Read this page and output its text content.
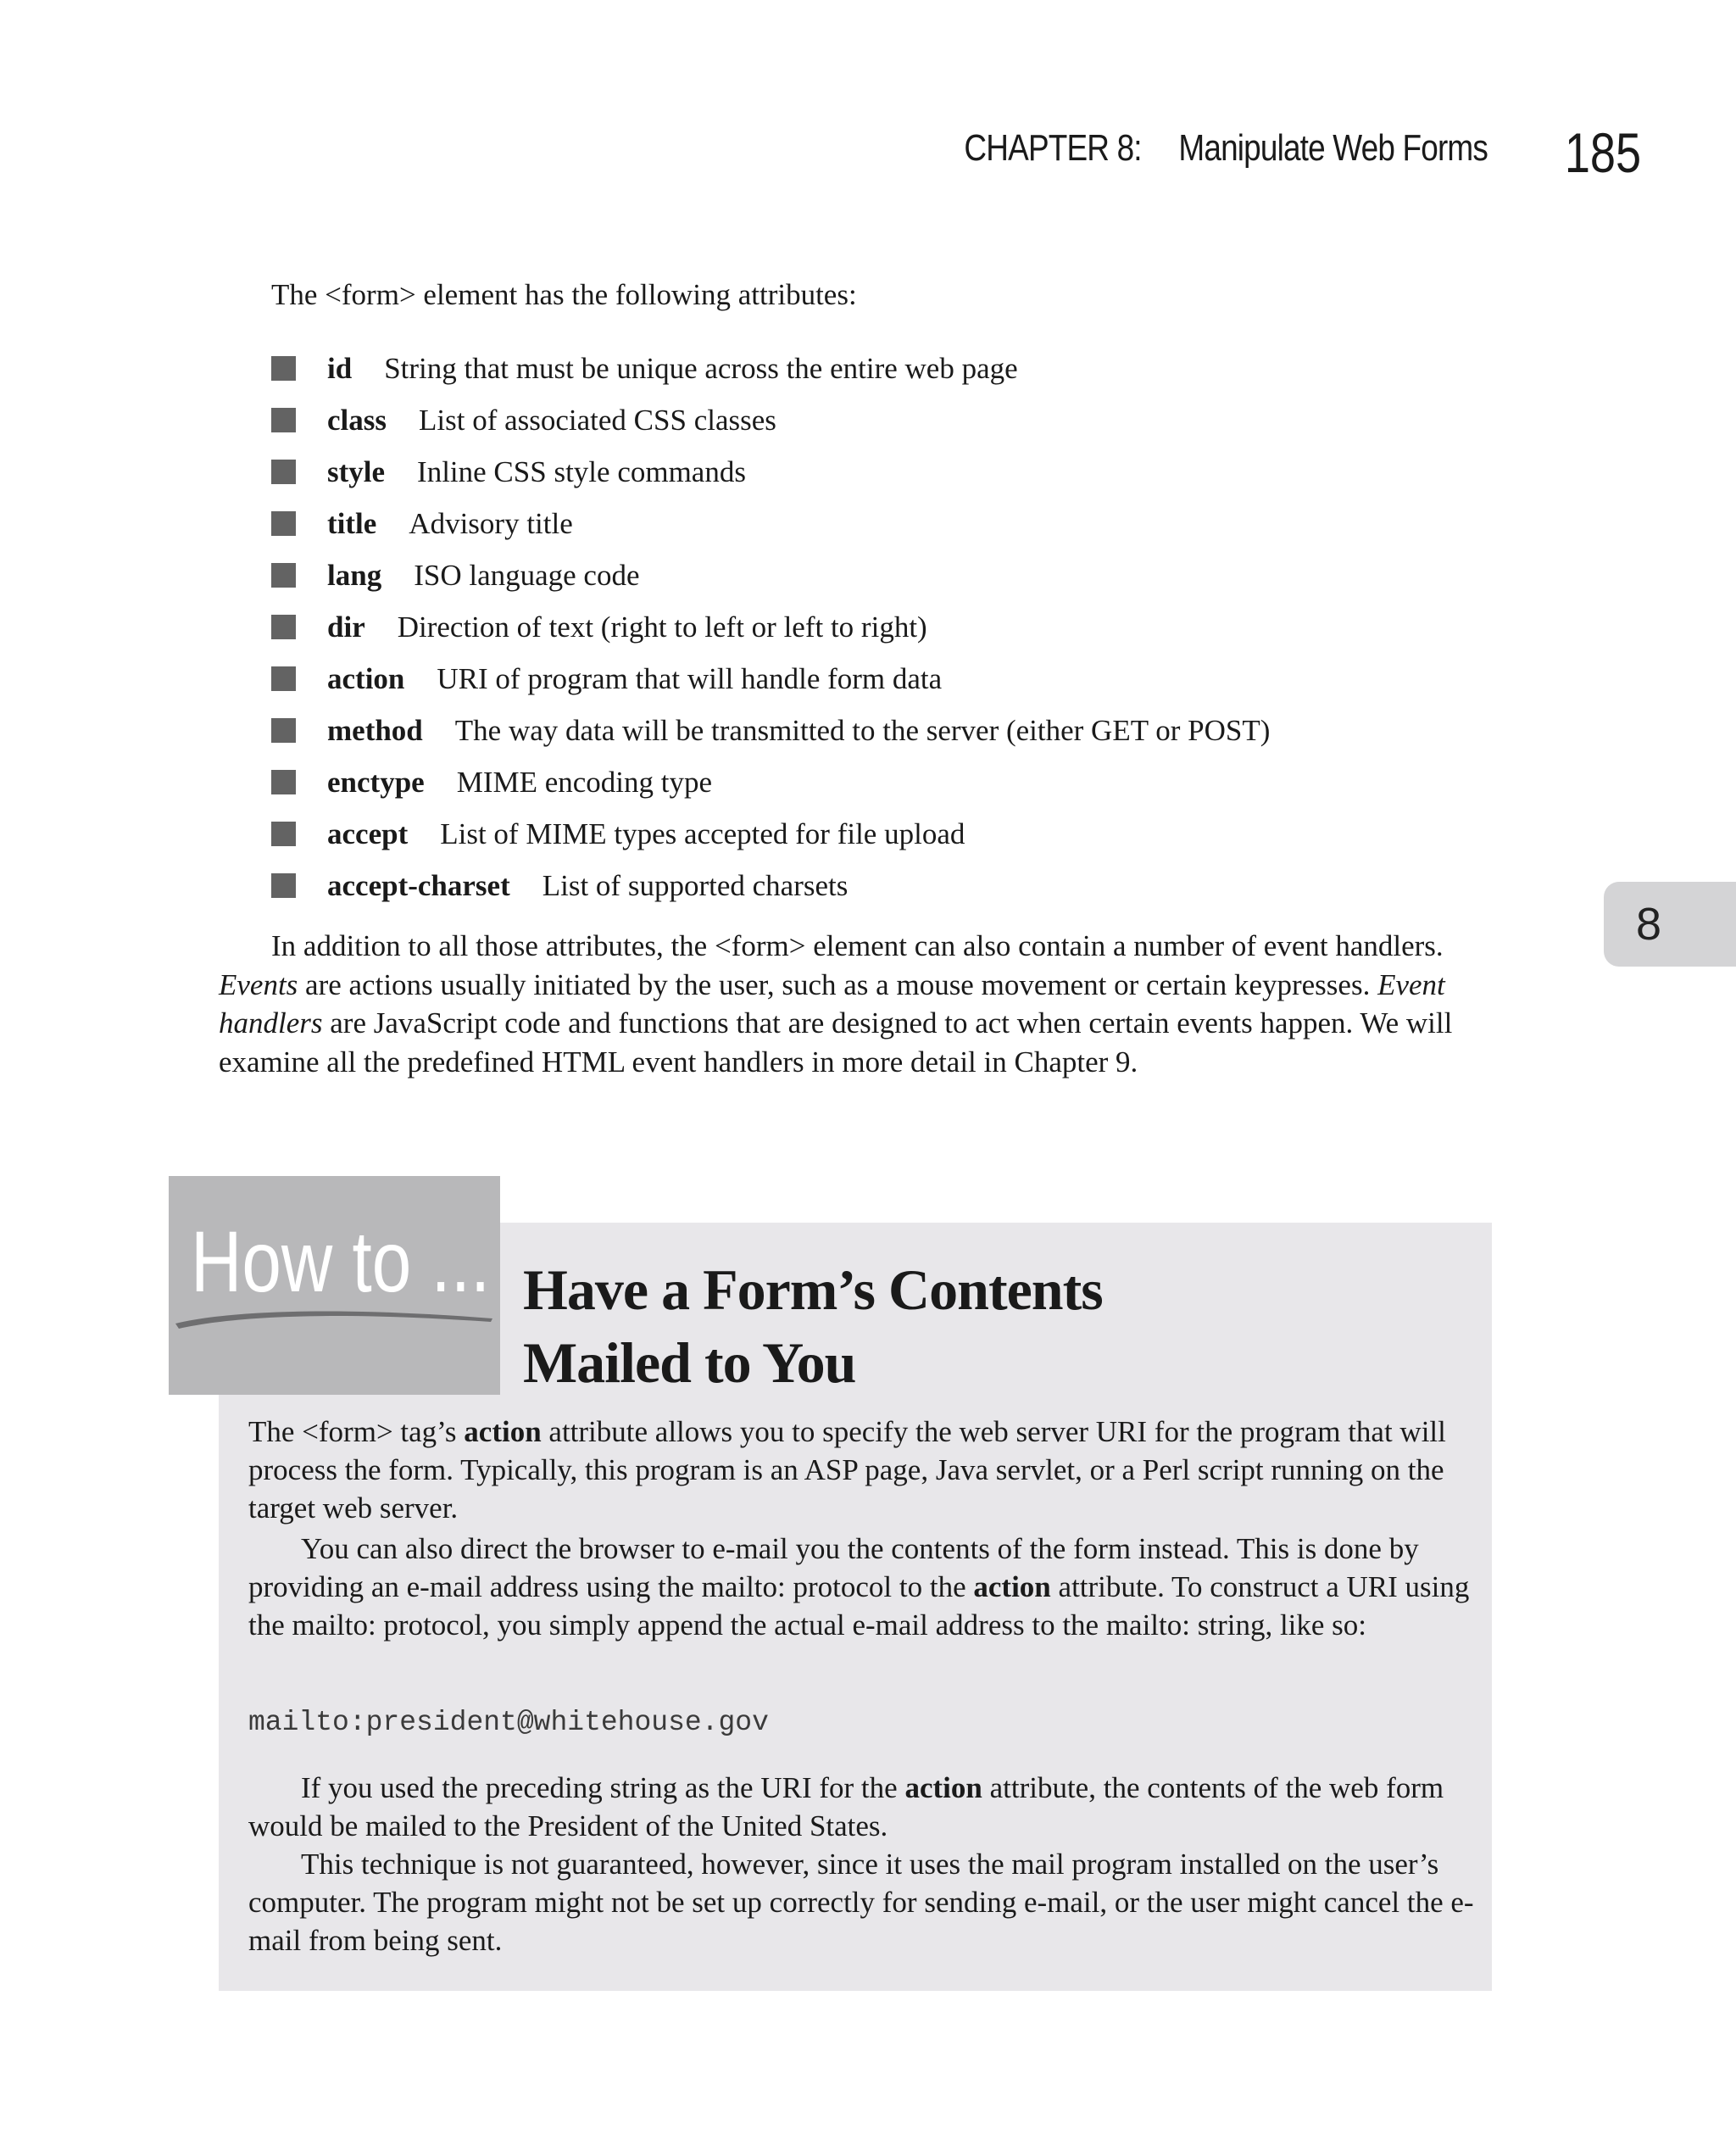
CHAPTER 8: Manipulate Web Forms 185
8
The <form> element has the following attributes:
id String that must be unique across the entire web page
class List of associated CSS classes
style Inline CSS style commands
title Advisory title
lang ISO language code
dir Direction of text (right to left or left to right)
action URI of program that will handle form data
method The way data will be transmitted to the server (either GET or POST)
enctype MIME encoding type
accept List of MIME types accepted for file upload
accept-charset List of supported charsets

In addition to all those attributes, the <form> element can also contain a number of event handlers. Events are actions usually initiated by the user, such as a mouse movement or certain keypresses. Event handlers are JavaScript code and functions that are designed to act when certain events happen. We will examine all the predefined HTML event handlers in more detail in Chapter 9.

How to ... Have a Form’s Contents
Mailed to You

The <form> tag’s action attribute allows you to specify the web server URI for the program that will process the form. Typically, this program is an ASP page, Java servlet, or a Perl script running on the target web server.

You can also direct the browser to e-mail you the contents of the form instead. This is done by providing an e-mail address using the mailto: protocol to the action attribute. To construct a URI using the mailto: protocol, you simply append the actual e-mail address to the mailto: string, like so:

mailto:president@whitehouse.gov

If you used the preceding string as the URI for the action attribute, the contents of the web form would be mailed to the President of the United States.

This technique is not guaranteed, however, since it uses the mail program installed on the user’s computer. The program might not be set up correctly for sending e-mail, or the user might cancel the e-mail from being sent.
